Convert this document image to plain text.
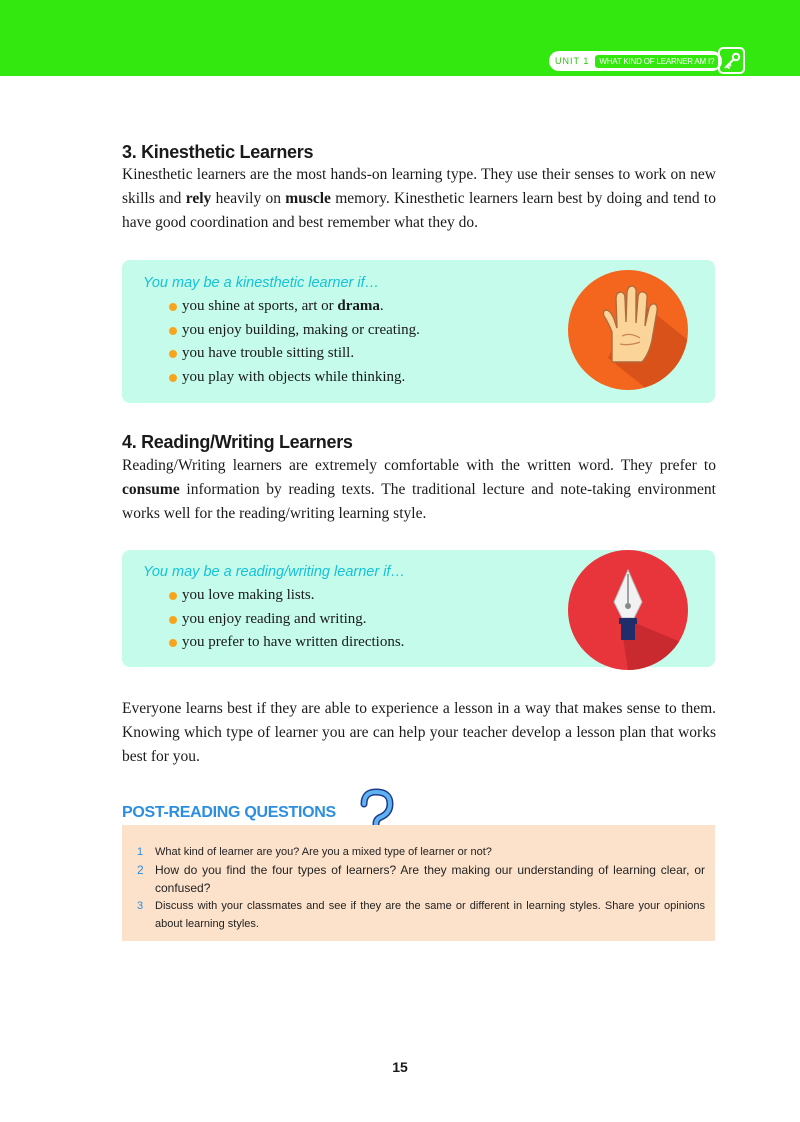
UNIT 1	WHAT KIND OF LEARNER AM I?
3. Kinesthetic Learners

Kinesthetic learners are the most hands-on learning type. They use their senses to work on new skills and rely heavily on muscle memory. Kinesthetic learners learn best by doing and tend to have good coordination and best remember what they do.

You may be a kinesthetic learner if…

you shine at sports, art or drama.
you enjoy building, making or creating.
you have trouble sitting still.
you play with objects while thinking.
4. Reading/Writing Learners

Reading/Writing learners are extremely comfortable with the written word. They prefer to consume information by reading texts. The traditional lecture and note-taking environment works well for the reading/writing learning style.

You may be a reading/writing learner if…

you love making lists.
you enjoy reading and writing.
you prefer to have written directions.

Everyone learns best if they are able to experience a lesson in a way that makes sense to them. Knowing which type of learner you are can help your teacher develop a lesson plan that works best for you.

POST-READING QUESTIONS
1 What kind of learner are you? Are you a mixed type of learner or not?
2 How do you find the four types of learners? Are they making our understanding of learning clear, or confused?
3 Discuss with your classmates and see if they are the same or different in learning styles. Share your opinions about learning styles.

15
